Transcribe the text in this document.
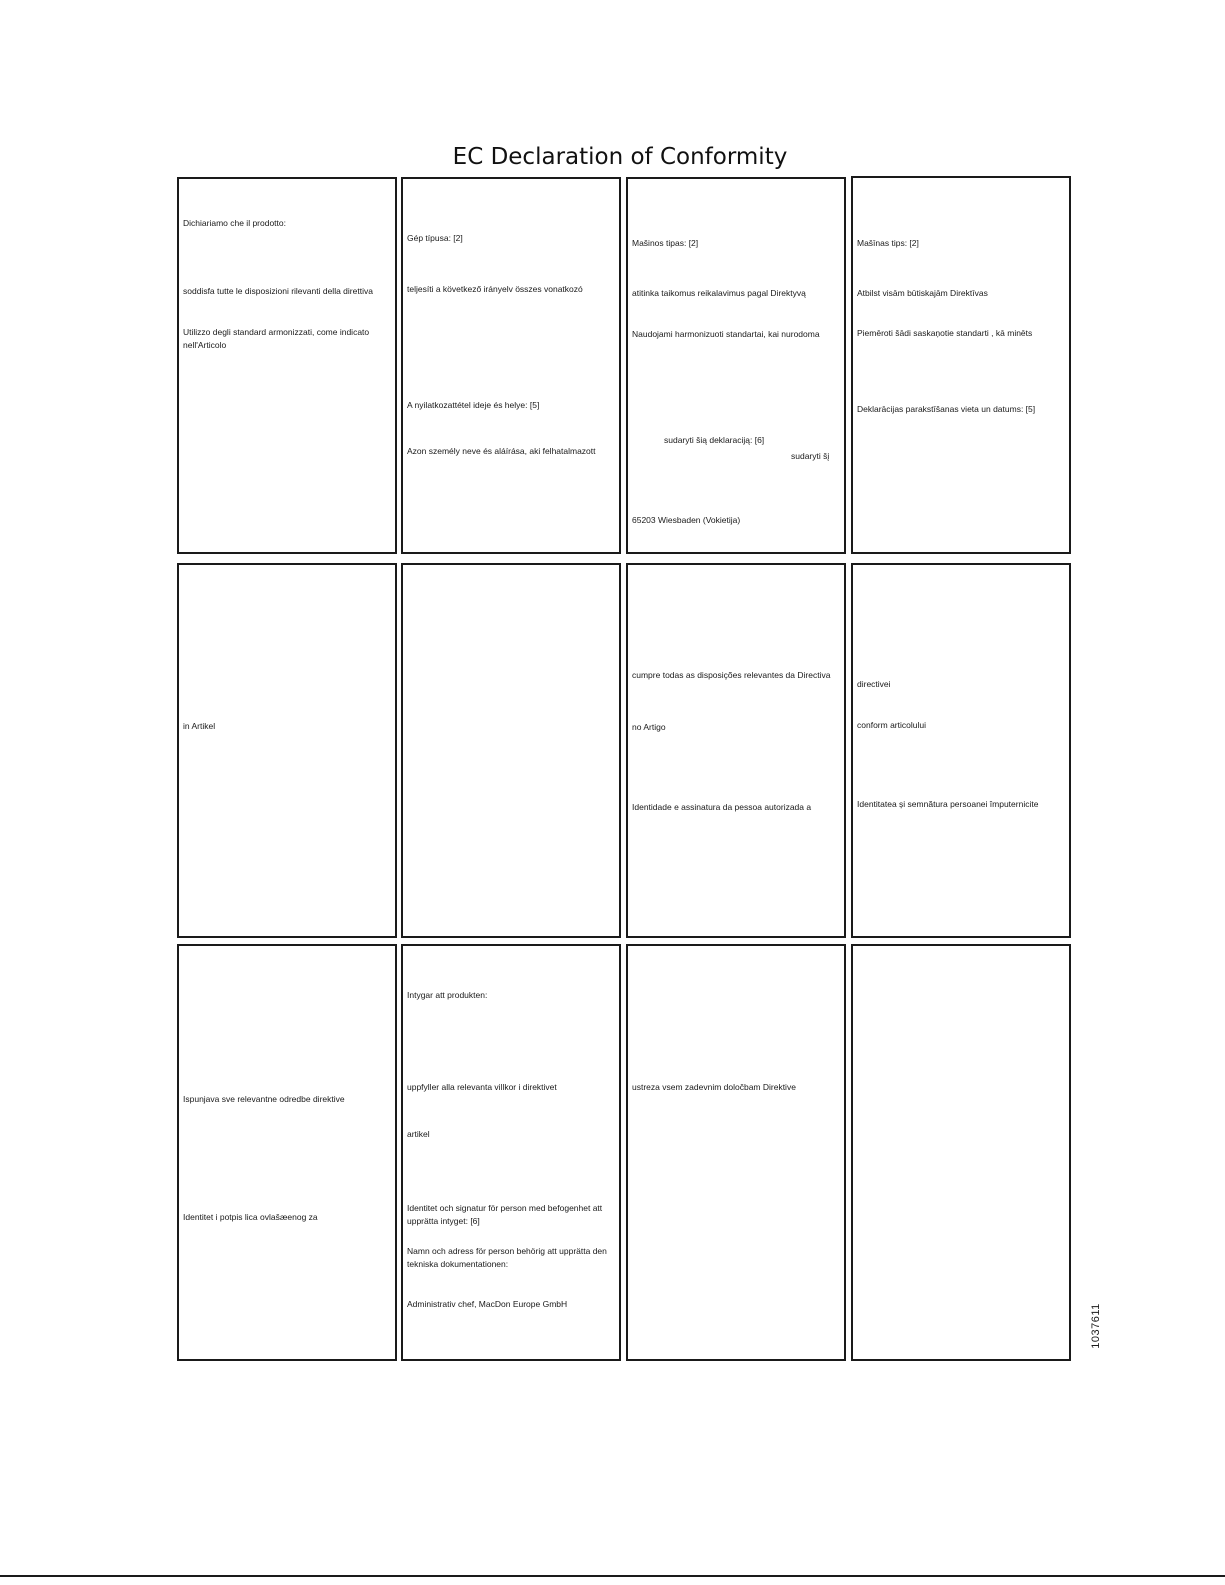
EC Declaration of Conformity
Dichiariamo che il prodotto:
soddisfa tutte le disposizioni rilevanti della direttiva
Utilizzo degli standard armonizzati, come indicato nell'Articolo
Gép típusa: [2]
teljesíti a következő irányelv összes vonatkozó
A nyilatkozattétel ideje és helye: [5]
Azon személy neve és aláírása, aki felhatalmazott
Mašinos tipas: [2]
atitinka taikomus reikalavimus pagal Direktyvą
Naudojami harmonizuoti standartai, kai nurodoma
sudaryti šią deklaraciją: [6]
sudaryti šį
65203 Wiesbaden (Vokietija)
Mašīnas tips: [2]
Atbilst visām būtiskajām Direktīvas
Piemēroti šādi saskaņotie standarti , kā minēts
Deklarācijas parakstīšanas vieta un datums: [5]
in Artikel
cumpre todas as disposições relevantes da Directiva
no Artigo
Identidade e assinatura da pessoa autorizada a
directivei
conform articolului
Identitatea și semnătura persoanei împuternicite
Ispunjava sve relevantne odredbe direktive
Identitet i potpis lica ovlašæenog za
Intygar att produkten:
uppfyller alla relevanta villkor i direktivet
artikel
Identitet och signatur för person med befogenhet att upprätta intyget: [6]
Namn och adress för person behörig att upprätta den tekniska dokumentationen:
Administrativ chef, MacDon Europe GmbH
ustreza vsem zadevnim določbam Direktive
1037611
